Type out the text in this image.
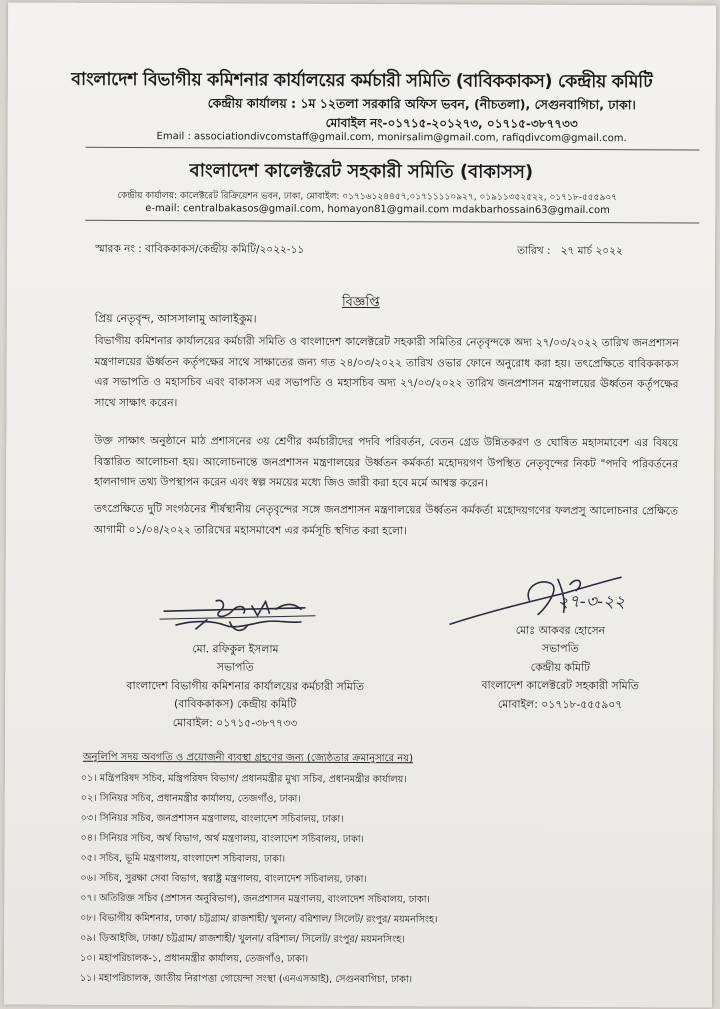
বাংলাদেশ বিভাগীয় কমিশনার কার্যালয়ের কর্মচারী সমিতি (বাবিককাকস) কেন্দ্রীয় কমিটি
কেন্দ্রীয় কার্যালয় : ১ম ১২তলা সরকারি অফিস ভবন, (নীচতলা), সেগুনবাগিচা, ঢাকা।
মোবাইল নং-০১৭১৫-২০১২৭৩, ০১৭১৫-৩৮৭৭৩৩
Email : associationdivcomstaff@gmail.com, monirsalim@gmail.com, rafiqdivcom@gmail.com.
বাংলাদেশ কালেক্টরেট সহকারী সমিতি (বাকাসস)
কেন্দ্রীয় কার্যালয়: কালেক্টরেট রিক্রিয়েশন ভবন, ঢাকা, মোবাইল: ০১৭১৬১২৪৪৫৭,০১৭১১১১০৯২৭, ০১৯১১৩৫২৫২২, ০১৭১৮-৫৫৫৯০৭
e-mail: centralbakasos@gmail.com, homayon81@gmail.com mdakbarhossain63@gmail.com
স্মারক নং : বাবিককাকস/কেন্দ্রীয় কমিটি/২০২২-১১	তারিখ : ২৭ মার্চ ২০২২
বিজ্ঞপ্তি
প্রিয় নেতৃবৃন্দ, আসসালামু আলাইকুম।
বিভাগীয় কমিশনার কার্যালয়ের কর্মচারী সমিতি ও বাংলাদেশ কালেক্টরেট সহকারী সমিতির নেতৃবৃন্দকে অদ্য ২৭/০৩/২০২২ তারিখ জনপ্রশাসন মন্ত্রণালয়ের ঊর্ধ্বতন কর্তৃপক্ষের সাথে সাক্ষাতের জন্য গত ২৪/০৩/২০২২ তারিখ ওভার ফোনে অনুরোধ করা হয়। তৎপ্রেক্ষিতে বাবিককাকস এর সভাপতি ও মহাসচিব এবং বাকাসস এর সভাপতি ও মহাসচিব অদ্য ২৭/০৩/২০২২ তারিখ জনপ্রশাসন মন্ত্রণালয়ের ঊর্ধ্বতন কর্তৃপক্ষের সাথে সাক্ষাৎ করেন।
উক্ত সাক্ষাৎ অনুষ্ঠানে মাঠ প্রশাসনের ৩য় শ্রেণীর কর্মচারীদের পদবি পরিবর্তন, বেতন গ্রেড উন্নিতকরণ ও ঘোষিত মহাসমাবেশ এর বিষয়ে বিস্তারিত আলোচনা হয়। আলোচনান্তে জনপ্রশাসন মন্ত্রণালয়ের উর্ধ্বতন কর্মকর্তা মহোদয়গণ উপস্থিত নেতৃবৃন্দের নিকট "পদবি পরিবর্তনের হালনাগাদ তথ্য উপস্থাপন করেন এবং স্বল্প সময়ের মধ্যে জিও জারী করা হবে মর্মে আশ্বস্ত করেন।
তৎপ্রেক্ষিতে দুটি সংগঠনের শীর্ষস্থানীয় নেতৃবৃন্দের সঙ্গে জনপ্রশাসন মন্ত্রণালয়ের উর্ধ্বতন কর্মকর্তা মহোদয়গণের ফলপ্রসু আলোচনার প্রেক্ষিতে আগামী ০১/০৪/২০২২ তারিখের মহাসমাবেশ এর কর্মসূচি স্থগিত করা হলো।
২৭-৩-২২
মো. রফিকুল ইসলাম
সভাপতি
বাংলাদেশ বিভাগীয় কমিশনার কার্যালয়ের কর্মচারী সমিতি
(বাবিককাকস) কেন্দ্রীয় কমিটি
মোবাইল: ০১৭১৫-৩৮৭৭৩৩
মোঃ আকবর হোসেন
সভাপতি
কেন্দ্রীয় কমিটি
বাংলাদেশ কালেক্টরেট সহকারী সমিতি
মোবাইল: ০১৭১৮-৫৫৫৯০৭
অনুলিপি সদয় অবগতি ও প্রয়োজনী ব্যবস্থা গ্রহণের জন্য (জ্যেষ্ঠতার ক্রমানুসারে নয়)
০১। মন্ত্রিপরিষদ সচিব, মন্ত্রিপরিষদ বিভাগ/ প্রধানমন্ত্রীর মুখ্য সচিব, প্রধানমন্ত্রীর কার্যালয়।
০২। সিনিয়র সচিব, প্রধানমন্ত্রীর কার্যালয়, তেজগাঁও, ঢাকা।
০৩। সিনিয়র সচিব, জনপ্রশাসন মন্ত্রণালয়, বাংলাদেশ সচিবালয়, ঢাকা।
০৪। সিনিয়র সচিব, অর্থ বিভাগ, অর্থ মন্ত্রণালয়, বাংলাদেশ সচিবালয়, ঢাকা।
০৫। সচিব, ভূমি মন্ত্রণালয়, বাংলাদেশ সচিবালয়, ঢাকা।
০৬। সচিব, সুরক্ষা সেবা বিভাগ, স্বরাষ্ট্র মন্ত্রণালয়, বাংলাদেশ সচিবালয়, ঢাকা।
০৭। অতিরিক্ত সচিব (প্রশাসন অনুবিভাগ), জনপ্রশাসন মন্ত্রণালয়, বাংলাদেশ সচিবালয়, ঢাকা।
০৮। বিভাগীয় কমিশনার, ঢাকা/ চট্টগ্রাম/ রাজশাহী/ খুলনা/ বরিশাল/ সিলেট/ রংপুর/ ময়মনসিংহ।
০৯। ডিআইজি, ঢাকা/ চট্টগ্রাম/ রাজশাহী/ খুলনা/ বরিশাল/ সিলেট/ রংপুর/ ময়মনসিংহ।
১০। মহাপরিচালক-১, প্রধানমন্ত্রীর কার্যালয়, তেজগাঁও, ঢাকা।
১১। মহাপরিচালক, জাতীয় নিরাপত্তা গোয়েন্দা সংস্থা (এনএসআই), সেগুনবাগিচা, ঢাকা।
